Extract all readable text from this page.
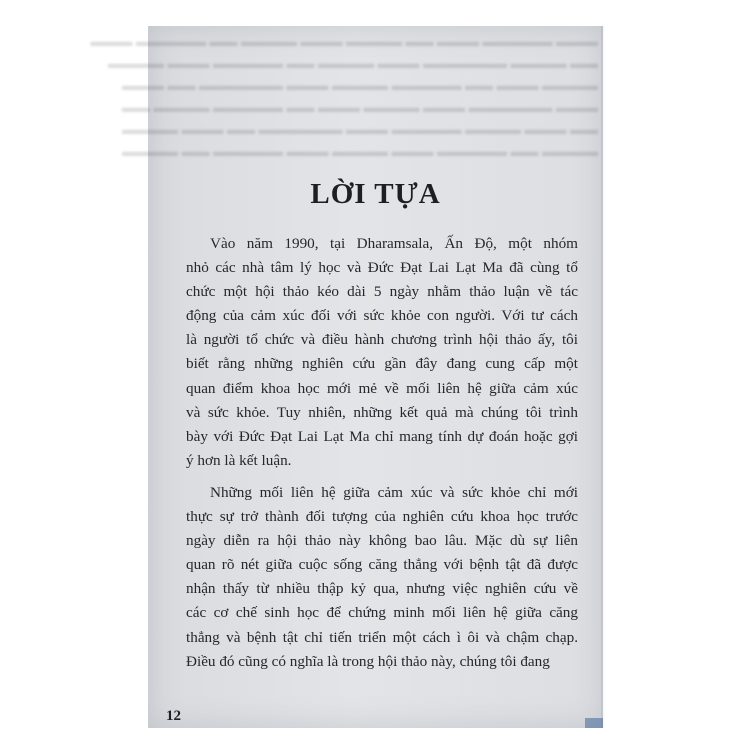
▬▬▬ ▬▬▬▬▬ ▬▬▬ ▬▬ ▬▬▬▬ ▬▬▬ ▬▬▬▬ ▬▬ ▬▬▬▬▬ ▬▬▬
▬▬ ▬▬▬▬ ▬▬▬▬▬▬ ▬▬▬ ▬▬▬▬ ▬▬ ▬▬▬▬▬ ▬▬▬ ▬▬▬▬
▬▬▬▬ ▬▬▬ ▬▬ ▬▬▬▬▬ ▬▬▬▬ ▬▬▬ ▬▬▬▬▬▬ ▬▬ ▬▬▬
▬▬▬ ▬▬▬▬▬▬ ▬▬▬ ▬▬▬▬ ▬▬▬ ▬▬ ▬▬▬▬▬ ▬▬▬▬ ▬▬
▬▬ ▬▬▬ ▬▬▬▬ ▬▬▬▬▬ ▬▬▬ ▬▬▬▬▬▬ ▬▬ ▬▬▬ ▬▬▬▬
▬▬▬▬ ▬▬ ▬▬▬▬▬ ▬▬▬ ▬▬▬▬ ▬▬▬ ▬▬▬▬▬ ▬▬ ▬▬▬▬
LỜI TỰA
Vào năm 1990, tại Dharamsala, Ấn Độ, một nhóm
nhỏ các nhà tâm lý học và Đức Đạt Lai Lạt Ma đã cùng tổ
chức một hội thảo kéo dài 5 ngày nhằm thảo luận về tác
động của cảm xúc đối với sức khỏe con người. Với tư cách
là người tổ chức và điều hành chương trình hội thảo ấy, tôi
biết rằng những nghiên cứu gần đây đang cung cấp một
quan điểm khoa học mới mẻ về mối liên hệ giữa cảm xúc
và sức khỏe. Tuy nhiên, những kết quả mà chúng tôi trình
bày với Đức Đạt Lai Lạt Ma chỉ mang tính dự đoán hoặc gợi
ý hơn là kết luận.
Những mối liên hệ giữa cảm xúc và sức khỏe chỉ mới
thực sự trở thành đối tượng của nghiên cứu khoa học trước
ngày diễn ra hội thảo này không bao lâu. Mặc dù sự liên
quan rõ nét giữa cuộc sống căng thẳng với bệnh tật đã được
nhận thấy từ nhiều thập kỷ qua, nhưng việc nghiên cứu về
các cơ chế sinh học để chứng minh mối liên hệ giữa căng
thẳng và bệnh tật chỉ tiến triển một cách ì ôi và chậm chạp.
Điều đó cũng có nghĩa là trong hội thảo này, chúng tôi đang
12
